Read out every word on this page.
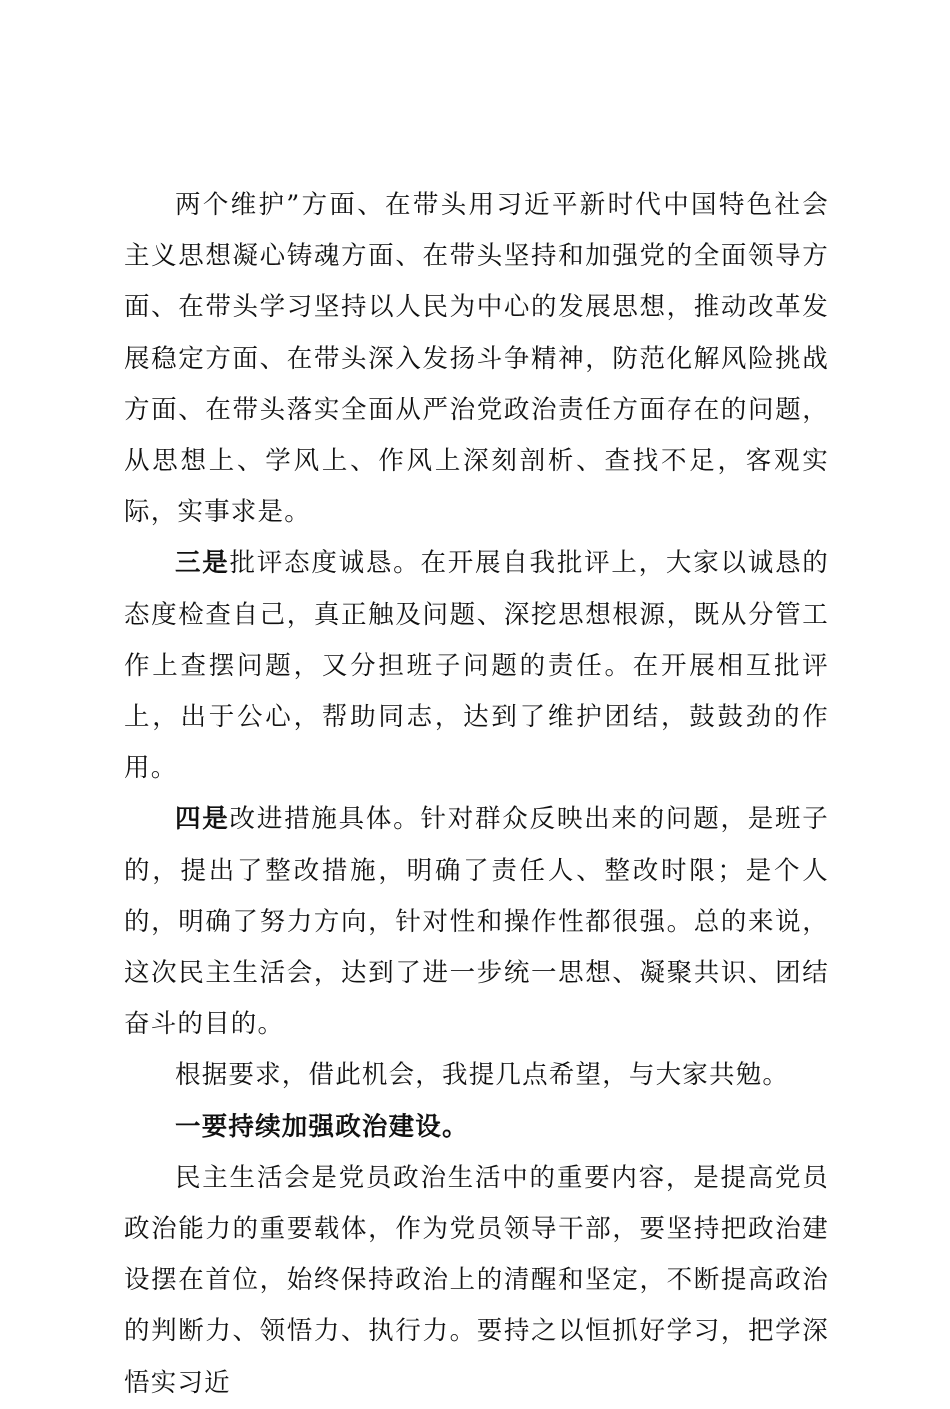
两个维护”方面、在带头用习近平新时代中国特色社会主义思想凝心铸魂方面、在带头坚持和加强党的全面领导方面、在带头学习坚持以人民为中心的发展思想，推动改革发展稳定方面、在带头深入发扬斗争精神，防范化解风险挑战方面、在带头落实全面从严治党政治责任方面存在的问题，从思想上、学风上、作风上深刻剖析、查找不足，客观实际，实事求是。

三是批评态度诚恳。在开展自我批评上，大家以诚恳的态度检查自己，真正触及问题、深挖思想根源，既从分管工作上查摆问题，又分担班子问题的责任。在开展相互批评上，出于公心，帮助同志，达到了维护团结，鼓鼓劲的作用。

四是改进措施具体。针对群众反映出来的问题，是班子的，提出了整改措施，明确了责任人、整改时限；是个人的，明确了努力方向，针对性和操作性都很强。总的来说，这次民主生活会，达到了进一步统一思想、凝聚共识、团结奋斗的目的。

根据要求，借此机会，我提几点希望，与大家共勉。

一要持续加强政治建设。

民主生活会是党员政治生活中的重要内容，是提高党员政治能力的重要载体，作为党员领导干部，要坚持把政治建设摆在首位，始终保持政治上的清醒和坚定，不断提高政治的判断力、领悟力、执行力。要持之以恒抓好学习，把学深悟实习近
